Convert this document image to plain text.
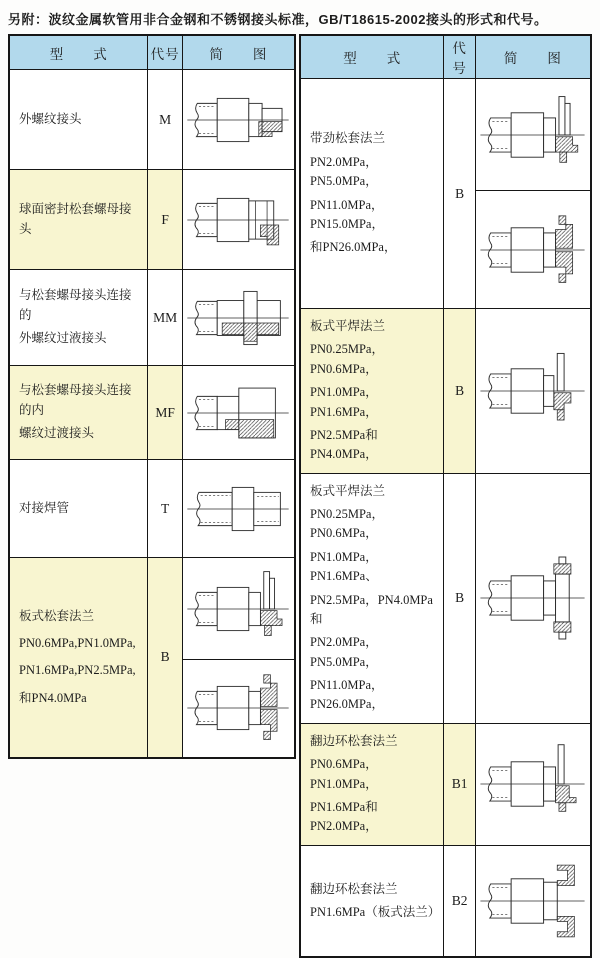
另附：波纹金属软管用非合金钢和不锈钢接头标准，GB/T18615-2002接头的形式和代号。
型　　式	代号	简　　图

外螺纹接头	M	

球面密封松套螺母接头	F	

与松套螺母接头连接的
外螺纹过液接头	MM	

与松套螺母接头连接的内
螺纹过渡接头	MF	

对接焊管	T	

板式松套法兰
PN0.6MPa,PN1.0MPa,
PN1.6MPa,PN2.5MPa,
和PN4.0MPa	B	

型　　式	代号	简　　图

带劲松套法兰
PN2.0MPa，PN5.0MPa，
PN11.0MPa，PN15.0MPa，
和PN26.0MPa，	B	

板式平焊法兰
PN0.25MPa，PN0.6MPa，
PN1.0MPa，PN1.6MPa，
PN2.5MPa和PN4.0MPa，	B	

板式平焊法兰
PN0.25MPa，PN0.6MPa，
PN1.0MPa，PN1.6MPa、
PN2.5MPa，PN4.0MPa和
PN2.0MPa，PN5.0MPa，
PN11.0MPa，PN26.0MPa，
	B	

翻边环松套法兰
PN0.6MPa，PN1.0MPa，
PN1.6MPa和PN2.0MPa，	B1	

翻边环松套法兰
PN1.6MPa（板式法兰）	B2	
